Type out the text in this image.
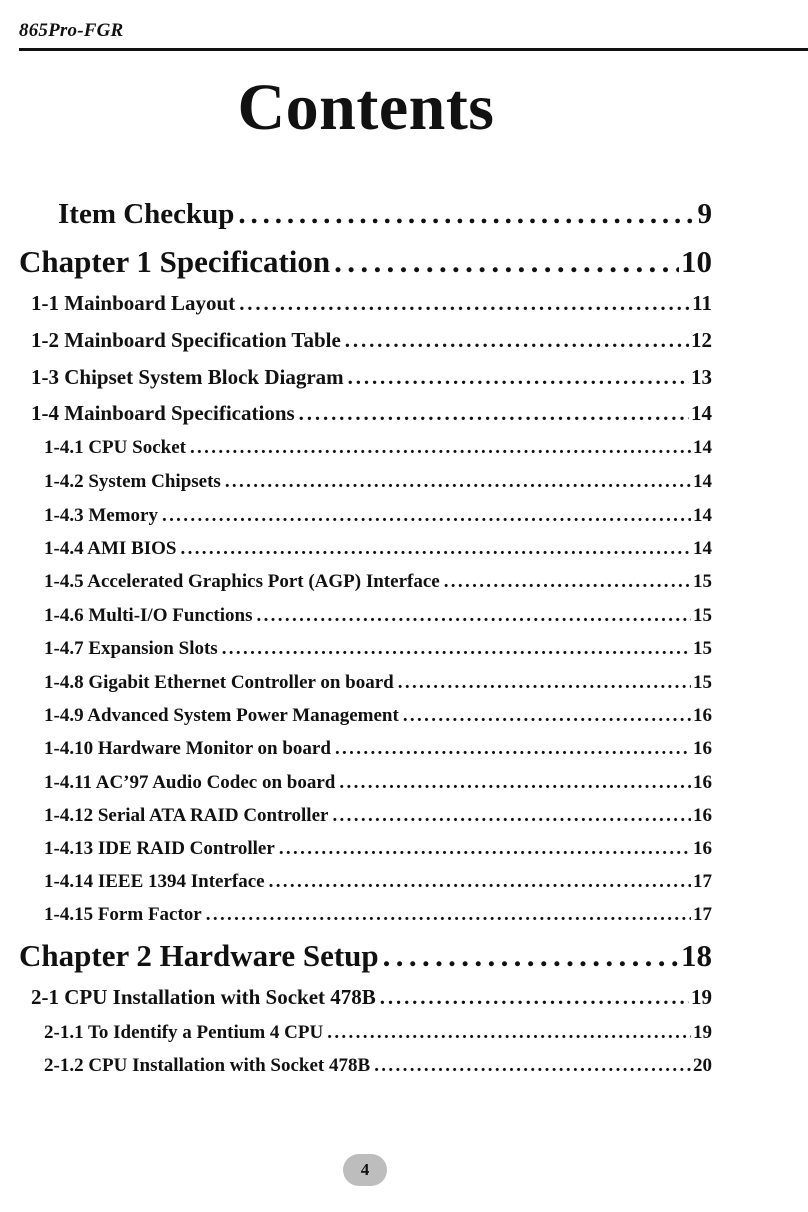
865Pro-FGR
Contents
Item Checkup . . .	9
Chapter 1 Specification . . .	10
1-1 Mainboard Layout . . .	11
1-2 Mainboard Specification Table . . .	12
1-3 Chipset System Block Diagram . . .	13
1-4 Mainboard Specifications . . .	14
1-4.1 CPU Socket . . .	14
1-4.2 System Chipsets . . .	14
1-4.3 Memory . . .	14
1-4.4 AMI BIOS . . .	14
1-4.5 Accelerated Graphics Port (AGP) Interface . . .	15
1-4.6 Multi-I/O Functions . . .	15
1-4.7 Expansion Slots . . .	15
1-4.8 Gigabit Ethernet Controller on board . . .	15
1-4.9 Advanced System Power Management . . .	16
1-4.10 Hardware Monitor on board . . .	16
1-4.11 AC’97 Audio Codec on board . . .	16
1-4.12 Serial ATA RAID Controller . . .	16
1-4.13 IDE RAID Controller . . .	16
1-4.14 IEEE 1394 Interface . . .	17
1-4.15 Form Factor . . .	17
Chapter 2 Hardware Setup . . .	18
2-1 CPU Installation with Socket 478B . . .	19
2-1.1 To Identify a Pentium 4 CPU . . .	19
2-1.2 CPU Installation with Socket 478B . . .	20
4
